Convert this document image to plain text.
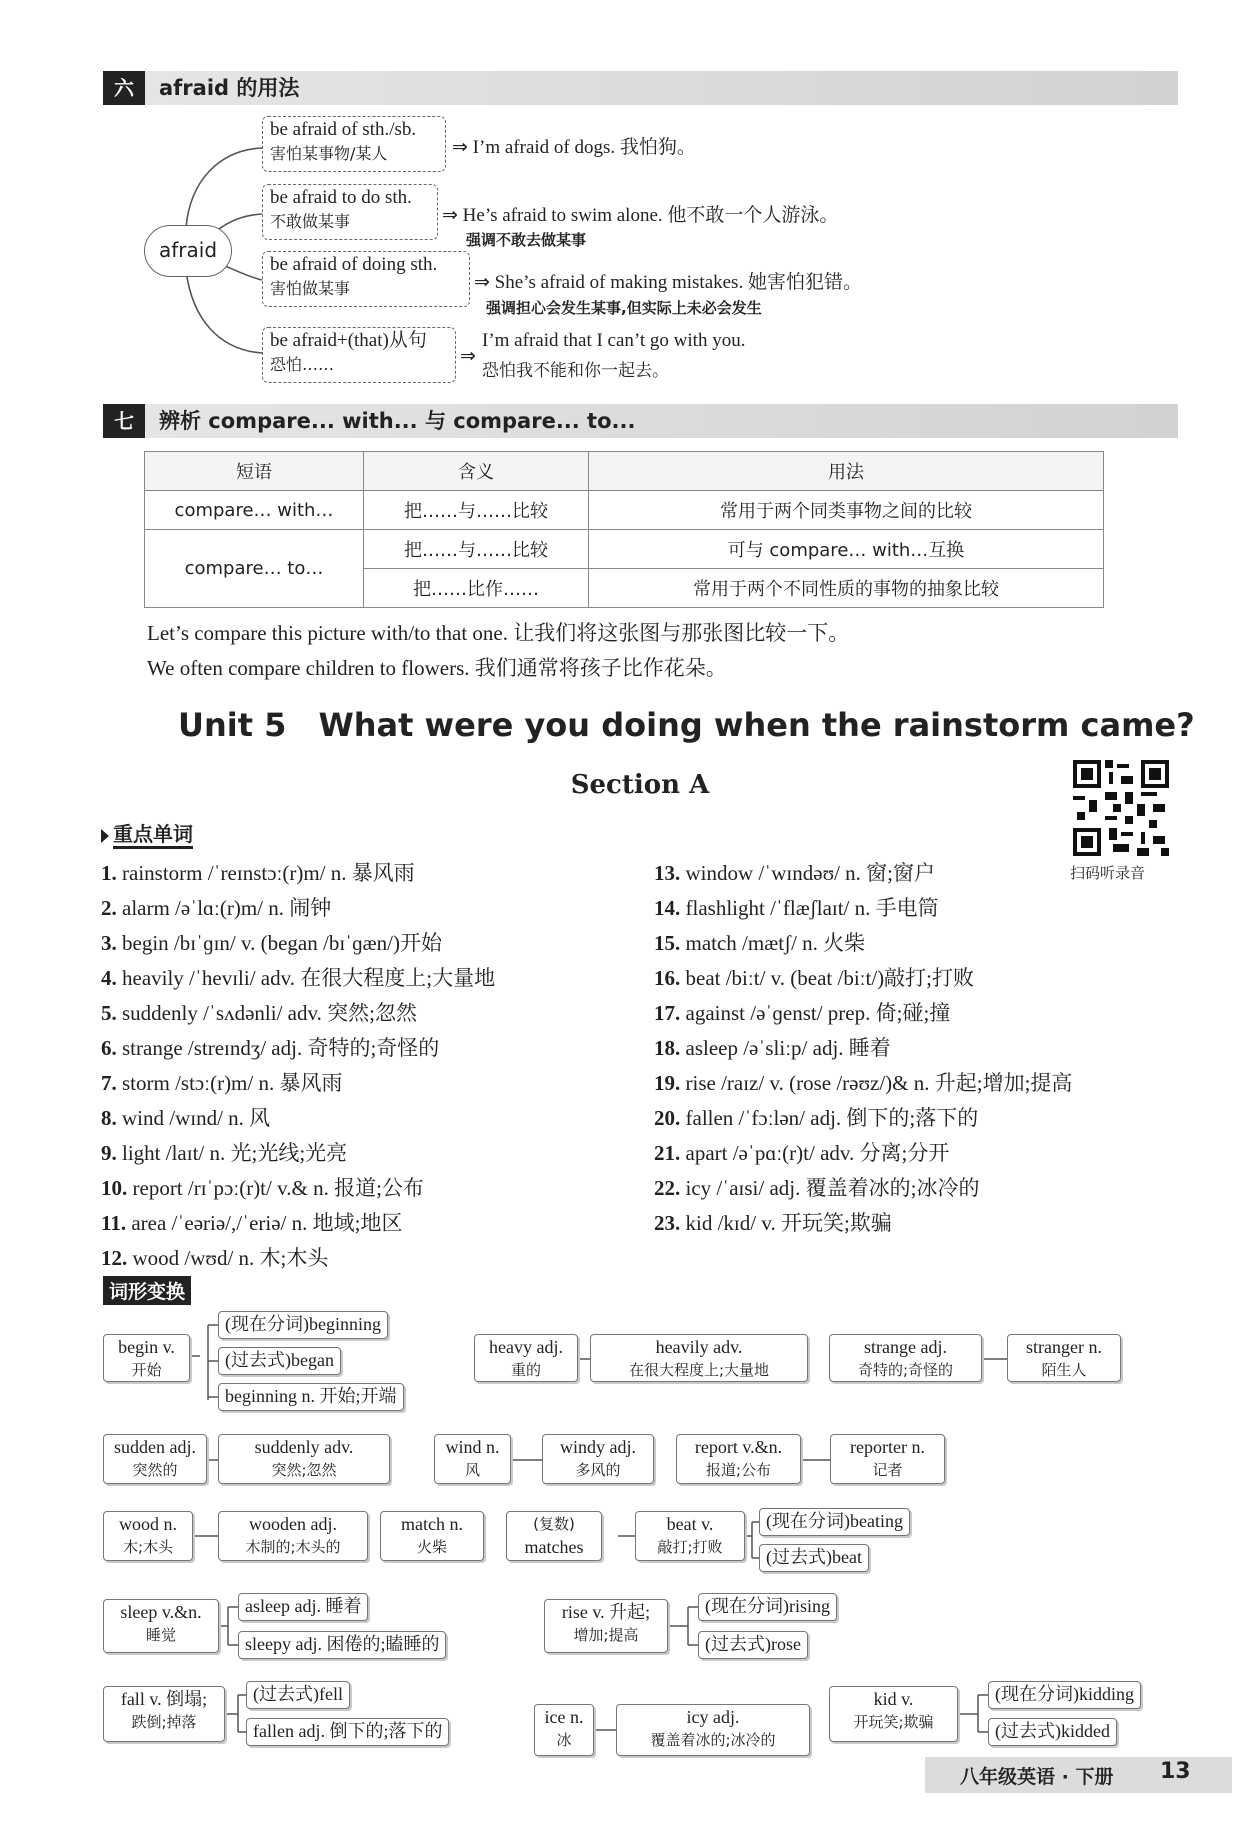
六	afraid 的用法
afraid
be afraid of sth./sb.
害怕某事物/某人	⇒ I’m afraid of dogs. 我怕狗。
be afraid to do sth.
不敢做某事	⇒ He’s afraid to swim alone. 他不敢一个人游泳。
强调不敢去做某事
be afraid of doing sth.
害怕做某事	⇒ She’s afraid of making mistakes. 她害怕犯错。
强调担心会发生某事,但实际上未必会发生
be afraid+(that)从句
恐怕……	⇒
I’m afraid that I can’t go with you.
恐怕我不能和你一起去。
七	辨析 compare... with... 与 compare... to...
短语	含义	用法
compare… with…	把……与……比较	常用于两个同类事物之间的比较
compare… to…	把……与……比较	可与 compare… with…互换
	把……比作……	常用于两个不同性质的事物的抽象比较
Let’s compare this picture with/to that one. 让我们将这张图与那张图比较一下。
We often compare children to flowers. 我们通常将孩子比作花朵。
Unit 5　What were you doing when the rainstorm came?
Section A
扫码听录音
重点单词
1. rainstorm /ˈreɪnstɔː(r)m/ n. 暴风雨
2. alarm /əˈlɑː(r)m/ n. 闹钟
3. begin /bɪˈɡɪn/ v. (began /bɪˈɡæn/)开始
4. heavily /ˈhevɪli/ adv. 在很大程度上;大量地
5. suddenly /ˈsʌdənli/ adv. 突然;忽然
6. strange /streɪndʒ/ adj. 奇特的;奇怪的
7. storm /stɔː(r)m/ n. 暴风雨
8. wind /wɪnd/ n. 风
9. light /laɪt/ n. 光;光线;光亮
10. report /rɪˈpɔː(r)t/ v.& n. 报道;公布
11. area /ˈeəriə/,/ˈeriə/ n. 地域;地区
12. wood /wʊd/ n. 木;木头
13. window /ˈwɪndəʊ/ n. 窗;窗户
14. flashlight /ˈflæʃlaɪt/ n. 手电筒
15. match /mætʃ/ n. 火柴
16. beat /biːt/ v. (beat /biːt/)敲打;打败
17. against /əˈɡenst/ prep. 倚;碰;撞
18. asleep /əˈsliːp/ adj. 睡着
19. rise /raɪz/ v. (rose /rəʊz/)& n. 升起;增加;提高
20. fallen /ˈfɔːlən/ adj. 倒下的;落下的
21. apart /əˈpɑː(r)t/ adv. 分离;分开
22. icy /ˈaɪsi/ adj. 覆盖着冰的;冰冷的
23. kid /kɪd/ v. 开玩笑;欺骗
词形变换
begin v.
开始
(现在分词)beginning
(过去式)began
beginning n. 开始;开端
heavy adj.
重的
heavily adv.
在很大程度上;大量地
strange adj.
奇特的;奇怪的
stranger n.
陌生人
sudden adj.
突然的
suddenly adv.
突然;忽然
wind n.
风
windy adj.
多风的
report v.&n.
报道;公布
reporter n.
记者
wood n.
木;木头
wooden adj.
木制的;木头的
match n.
火柴
(复数)
matches
beat v.
敲打;打败
(现在分词)beating
(过去式)beat
sleep v.&n.
睡觉
asleep adj. 睡着
sleepy adj. 困倦的;瞌睡的
rise v. 升起;
增加;提高
(现在分词)rising
(过去式)rose
fall v. 倒塌;
跌倒;掉落
(过去式)fell
fallen adj. 倒下的;落下的
ice n.
冰
icy adj.
覆盖着冰的;冰冷的
kid v.
开玩笑;欺骗
(现在分词)kidding
(过去式)kidded
八年级英语 · 下册 13
